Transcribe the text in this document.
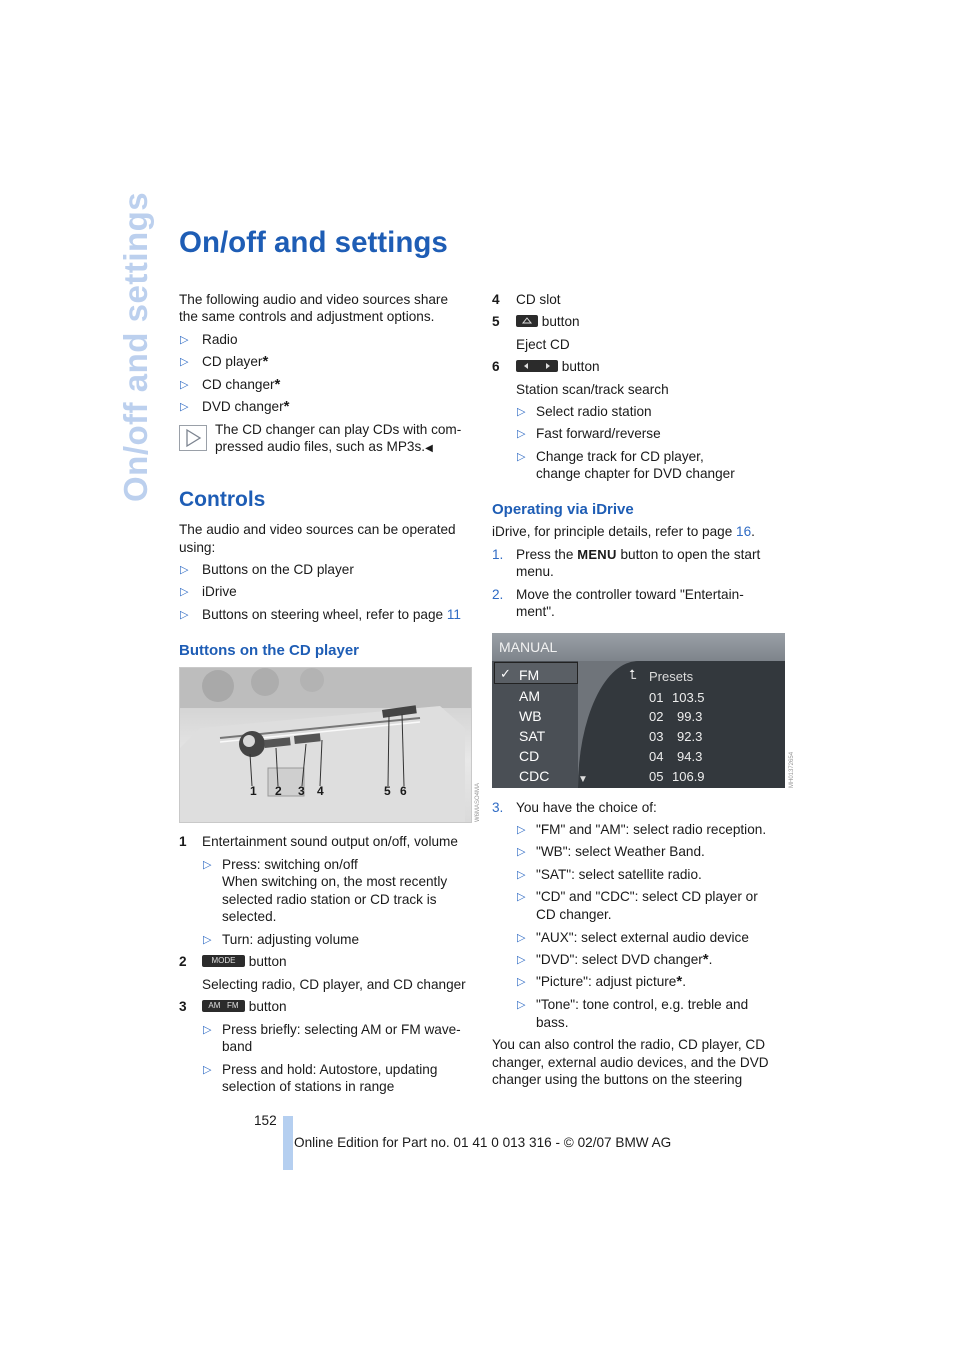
On/off and settings On/off and settings
The following audio and video sources share
the same controls and adjustment options.
▷ Radio
▷ CD player*
▷ CD changer*
▷ DVD changer*
The CD changer can play CDs with com-
pressed audio files, such as MP3s.◀
Controls
The audio and video sources can be operated
using:
▷ Buttons on the CD player
▷ iDrive
▷ Buttons on steering wheel, refer to page 11
Buttons on the CD player
1 2 3 4	5 6	W6MASO4MA
1 Entertainment sound output on/off, volume
▷ Press: switching on/off
When switching on, the most recently
selected radio station or CD track is
selected.
▷ Turn: adjusting volume
2	MODE button
Selecting radio, CD player, and CD changer
3	AM FM button
▷ Press briefly: selecting AM or FM wave-
band
▷ Press and hold: Autostore, updating
selection of stations in range
4 CD slot
5	button
Eject CD
6	button
Station scan/track search
▷ Select radio station
▷ Fast forward/reverse
▷ Change track for CD player,
change chapter for DVD changer
Operating via iDrive
iDrive, for principle details, refer to page 16.
1. Press the MENU button to open the start
menu.
2. Move the controller toward "Entertain-
ment".
MANUAL
✓ FM
AM
WB
SAT
CD
CDC	▼
⮤ Presets
01 103.5
02 99.3
03 92.3
04 94.3
05 106.9	MH01372654
3. You have the choice of:
▷ "FM" and "AM": select radio reception.
▷ "WB": select Weather Band.
▷ "SAT": select satellite radio.
▷ "CD" and "CDC": select CD player or
CD changer.
▷ "AUX": select external audio device
▷ "DVD": select DVD changer*.
▷ "Picture": adjust picture*.
▷ "Tone": tone control, e.g. treble and
bass.
You can also control the radio, CD player, CD
changer, external audio devices, and the DVD
changer using the buttons on the steering
152
Online Edition for Part no. 01 41 0 013 316 - © 02/07 BMW AG
